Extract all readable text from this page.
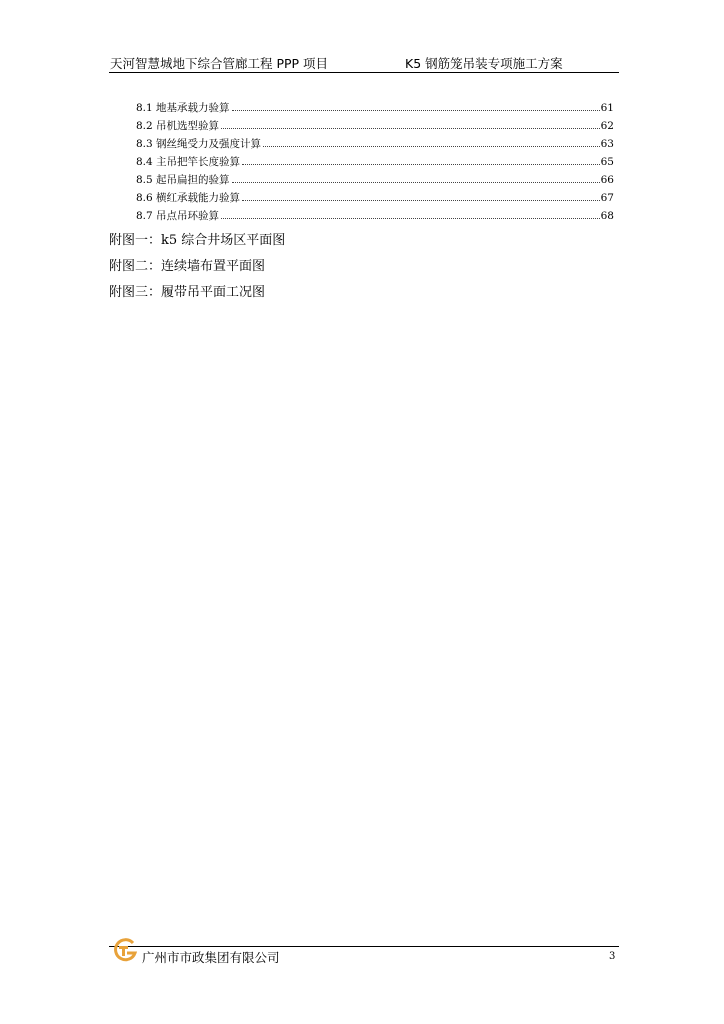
天河智慧城地下综合管廊工程 PPP 项目	K5 钢筋笼吊装专项施工方案
8.1 地基承载力验算	61
8.2 吊机选型验算	62
8.3 钢丝绳受力及强度计算	63
8.4 主吊把竿长度验算	65
8.5 起吊扁担的验算	66
8.6 横红承载能力验算	67
8.7 吊点吊环验算	68
附图一：k5 综合井场区平面图
附图二：连续墙布置平面图
附图三：履带吊平面工况图
广州市市政集团有限公司	3
